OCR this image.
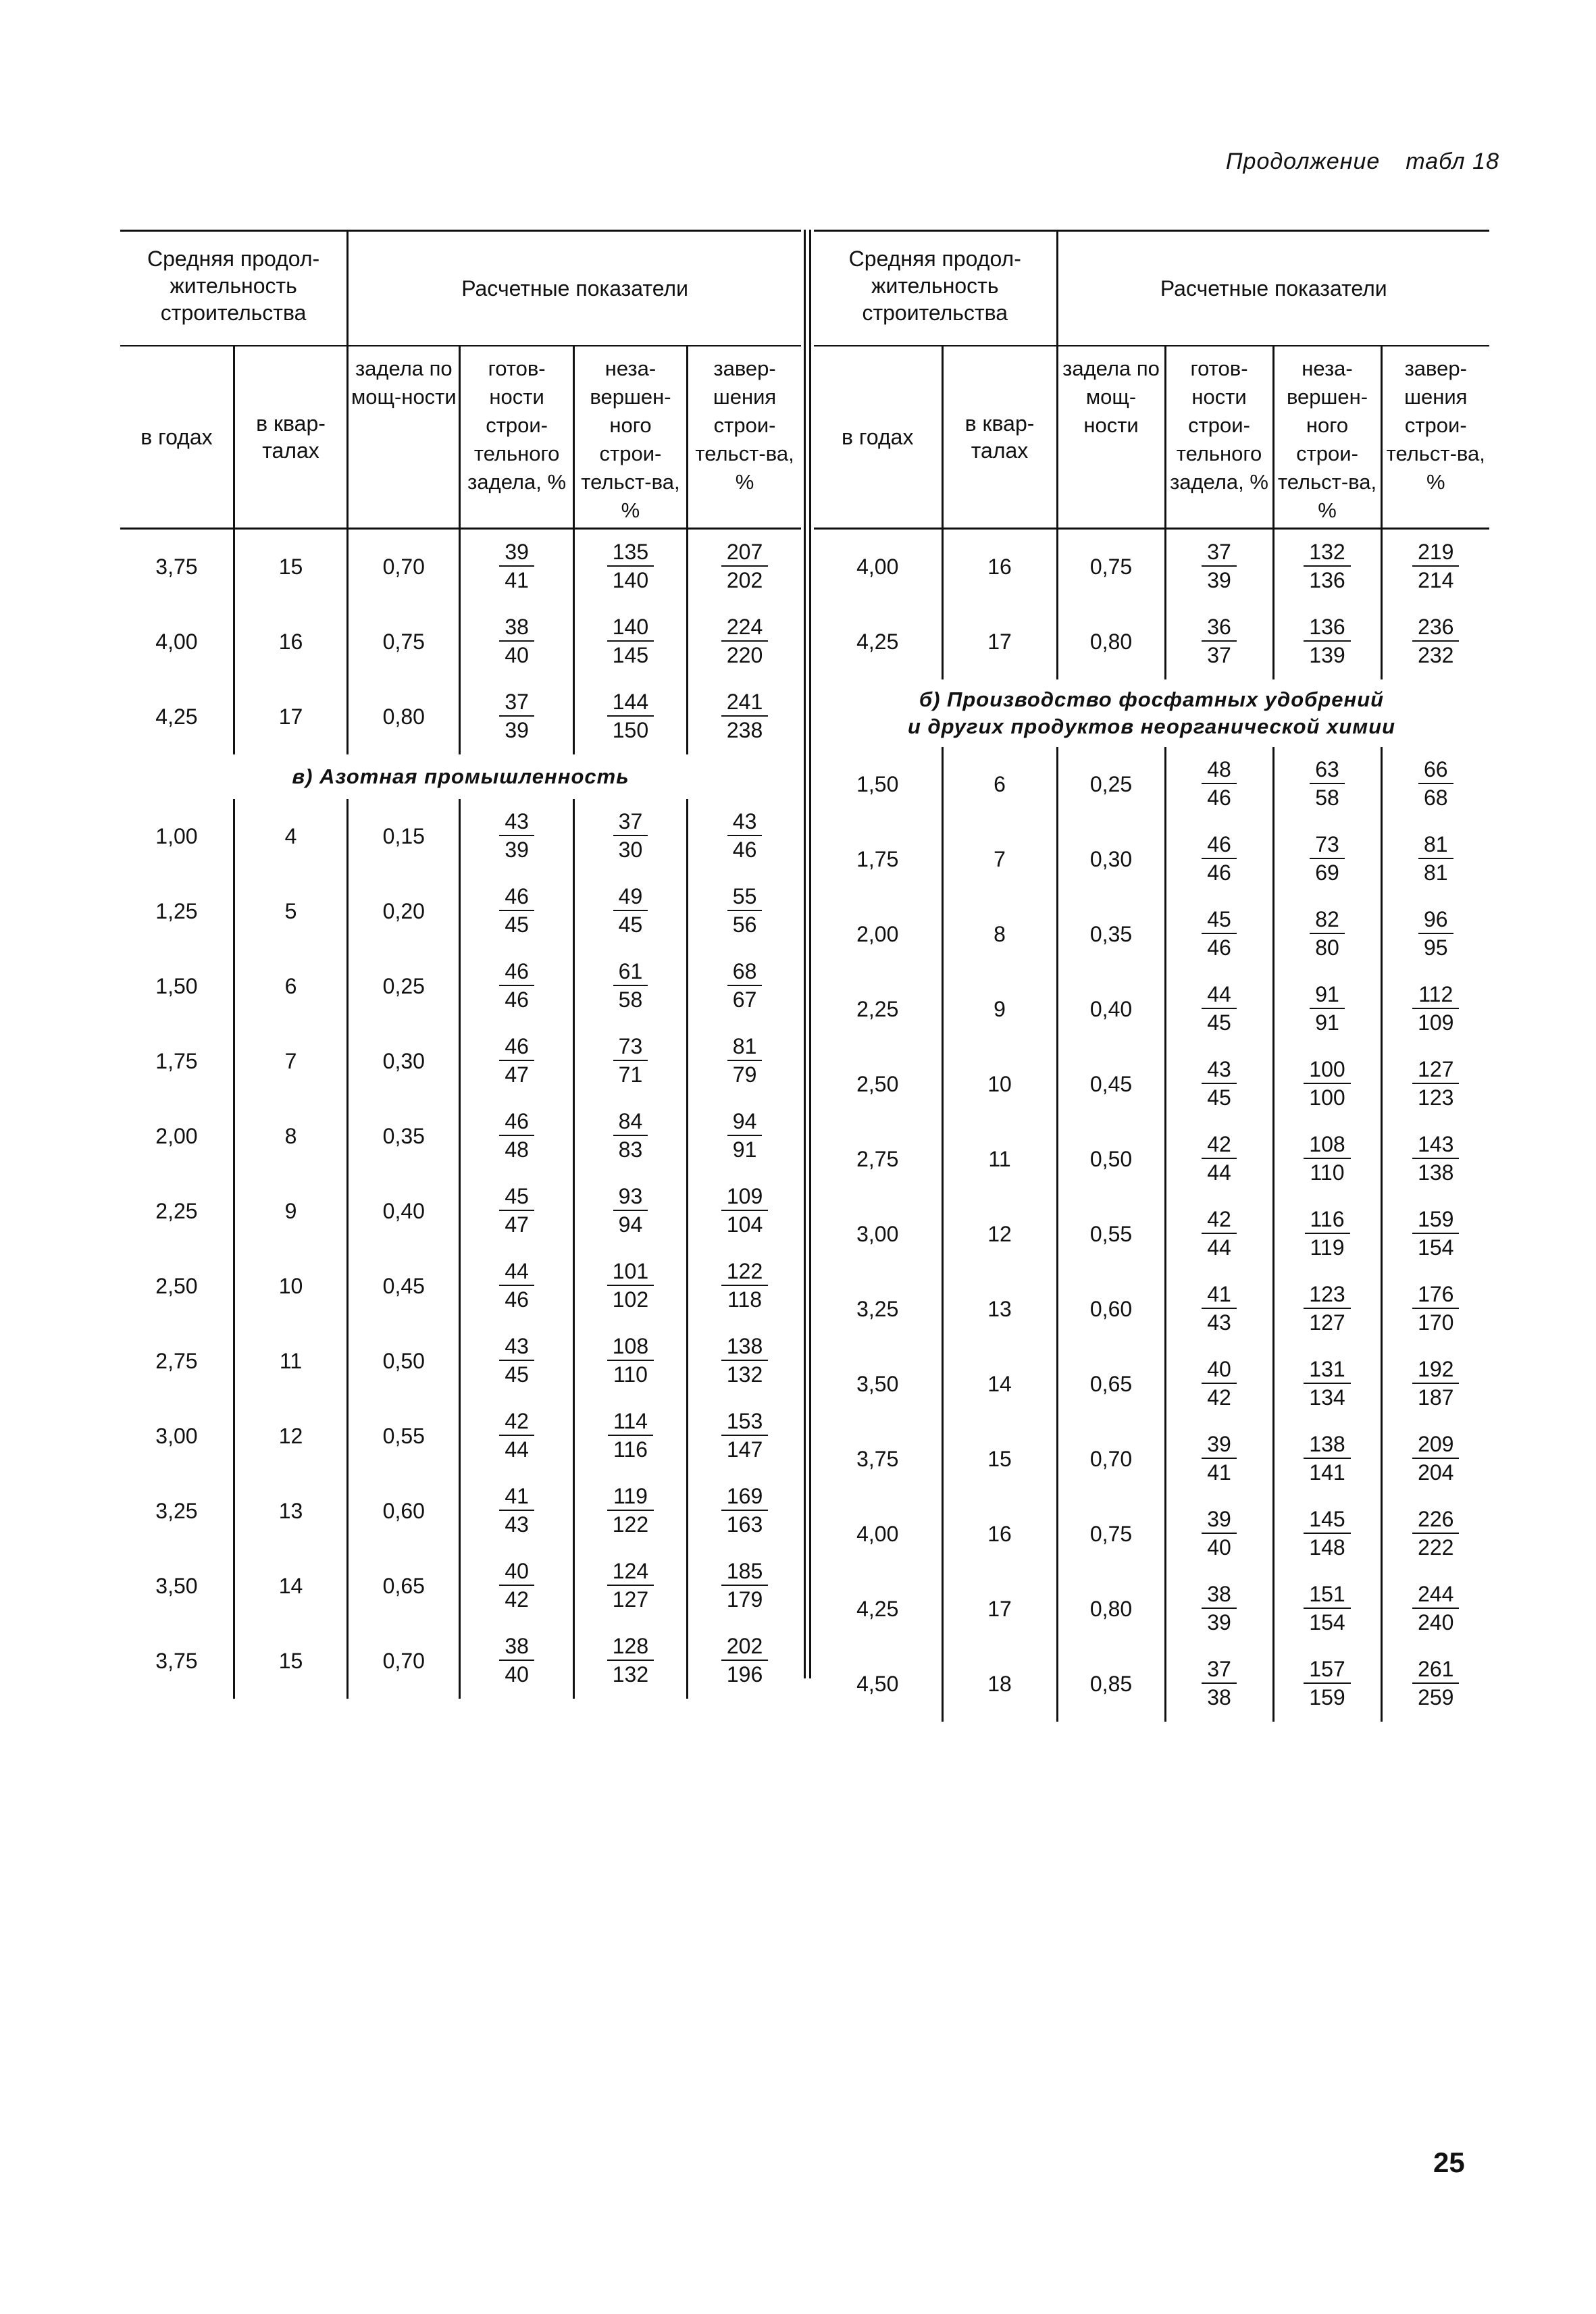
Продолжение табл 18
Средняя продол-жительность строительства		Расчетные показатели			
в годах	в квар-талах	задела по мощ-ности	готов-ности строи-тельного задела, %	неза-вершен-ного строи-тельст-ва, %	завер-шения строи-тельст-ва, %
3,75	15	0,70	$\frac{39}{41}$	$\frac{135}{140}$	$\frac{207}{202}$

4,00	16	0,75	$\frac{38}{40}$	$\frac{140}{145}$	$\frac{224}{220}$

4,25	17	0,80	$\frac{37}{39}$	$\frac{144}{150}$	$\frac{241}{238}$

в) Азотная промышленность					
1,00	4	0,15	$\frac{43}{39}$	$\frac{37}{30}$	$\frac{43}{46}$

1,25	5	0,20	$\frac{46}{45}$	$\frac{49}{45}$	$\frac{55}{56}$

1,50	6	0,25	$\frac{46}{46}$	$\frac{61}{58}$	$\frac{68}{67}$

1,75	7	0,30	$\frac{46}{47}$	$\frac{73}{71}$	$\frac{81}{79}$

2,00	8	0,35	$\frac{46}{48}$	$\frac{84}{83}$	$\frac{94}{91}$

2,25	9	0,40	$\frac{45}{47}$	$\frac{93}{94}$	$\frac{109}{104}$

2,50	10	0,45	$\frac{44}{46}$	$\frac{101}{102}$	$\frac{122}{118}$

2,75	11	0,50	$\frac{43}{45}$	$\frac{108}{110}$	$\frac{138}{132}$

3,00	12	0,55	$\frac{42}{44}$	$\frac{114}{116}$	$\frac{153}{147}$

3,25	13	0,60	$\frac{41}{43}$	$\frac{119}{122}$	$\frac{169}{163}$

3,50	14	0,65	$\frac{40}{42}$	$\frac{124}{127}$	$\frac{185}{179}$

3,75	15	0,70	$\frac{38}{40}$	$\frac{128}{132}$	$\frac{202}{196}$
Средняя продол-жительность строительства		Расчетные показатели			
в годах	в квар-талах	задела по мощ-ности	готов-ности строи-тельного задела, %	неза-вершен-ного строи-тельст-ва, %	завер-шения строи-тельст-ва, %
4,00	16	0,75	$\frac{37}{39}$	$\frac{132}{136}$	$\frac{219}{214}$

4,25	17	0,80	$\frac{36}{37}$	$\frac{136}{139}$	$\frac{236}{232}$

б) Производство фосфатных удобрений
и других продуктов неорганической химии					
1,50	6	0,25	$\frac{48}{46}$	$\frac{63}{58}$	$\frac{66}{68}$

1,75	7	0,30	$\frac{46}{46}$	$\frac{73}{69}$	$\frac{81}{81}$

2,00	8	0,35	$\frac{45}{46}$	$\frac{82}{80}$	$\frac{96}{95}$

2,25	9	0,40	$\frac{44}{45}$	$\frac{91}{91}$	$\frac{112}{109}$

2,50	10	0,45	$\frac{43}{45}$	$\frac{100}{100}$	$\frac{127}{123}$

2,75	11	0,50	$\frac{42}{44}$	$\frac{108}{110}$	$\frac{143}{138}$

3,00	12	0,55	$\frac{42}{44}$	$\frac{116}{119}$	$\frac{159}{154}$

3,25	13	0,60	$\frac{41}{43}$	$\frac{123}{127}$	$\frac{176}{170}$

3,50	14	0,65	$\frac{40}{42}$	$\frac{131}{134}$	$\frac{192}{187}$

3,75	15	0,70	$\frac{39}{41}$	$\frac{138}{141}$	$\frac{209}{204}$

4,00	16	0,75	$\frac{39}{40}$	$\frac{145}{148}$	$\frac{226}{222}$

4,25	17	0,80	$\frac{38}{39}$	$\frac{151}{154}$	$\frac{244}{240}$

4,50	18	0,85	$\frac{37}{38}$	$\frac{157}{159}$	$\frac{261}{259}$
25
